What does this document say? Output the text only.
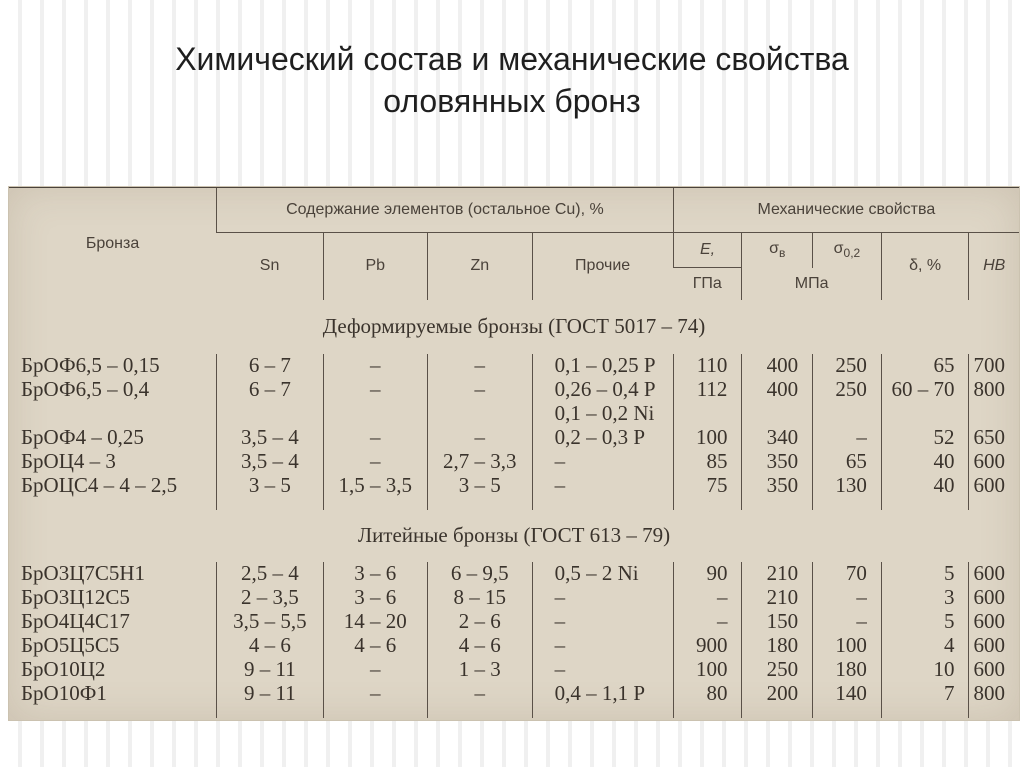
Химический состав и механические свойства
оловянных бронз
Бронза	Содержание элементов (остальное Cu), %				Механические свойства				
	Sn	Pb	Zn	Прочие	E,	$\sigma_в$	$\sigma_{0,2}$	δ, %	HB
					ГПа	МПа			
Деформируемые бронзы (ГОСТ 5017 – 74)									
БрОФ6,5 – 0,15	6 – 7	–	–	0,1 – 0,25 P	110	400	250	65	700
БрОФ6,5 – 0,4	6 – 7	–	–	0,26 – 0,4 P	112	400	250	60 – 70	800
				0,1 – 0,2 Ni					
БрОФ4 – 0,25	3,5 – 4	–	–	0,2 – 0,3 P	100	340	–	52	650
БрОЦ4 – 3	3,5 – 4	–	2,7 – 3,3	–	85	350	65	40	600
БрОЦС4 – 4 – 2,5	3 – 5	1,5 – 3,5	3 – 5	–	75	350	130	40	600

Литейные бронзы (ГОСТ 613 – 79)									
БрО3Ц7С5Н1	2,5 – 4	3 – 6	6 – 9,5	0,5 – 2 Ni	90	210	70	5	600
БрО3Ц12С5	2 – 3,5	3 – 6	8 – 15	–	–	210	–	3	600
БрО4Ц4С17	3,5 – 5,5	14 – 20	2 – 6	–	–	150	–	5	600
БрО5Ц5С5	4 – 6	4 – 6	4 – 6	–	900	180	100	4	600
БрО10Ц2	9 – 11	–	1 – 3	–	100	250	180	10	600
БрО10Ф1	9 – 11	–	–	0,4 – 1,1 P	80	200	140	7	800
